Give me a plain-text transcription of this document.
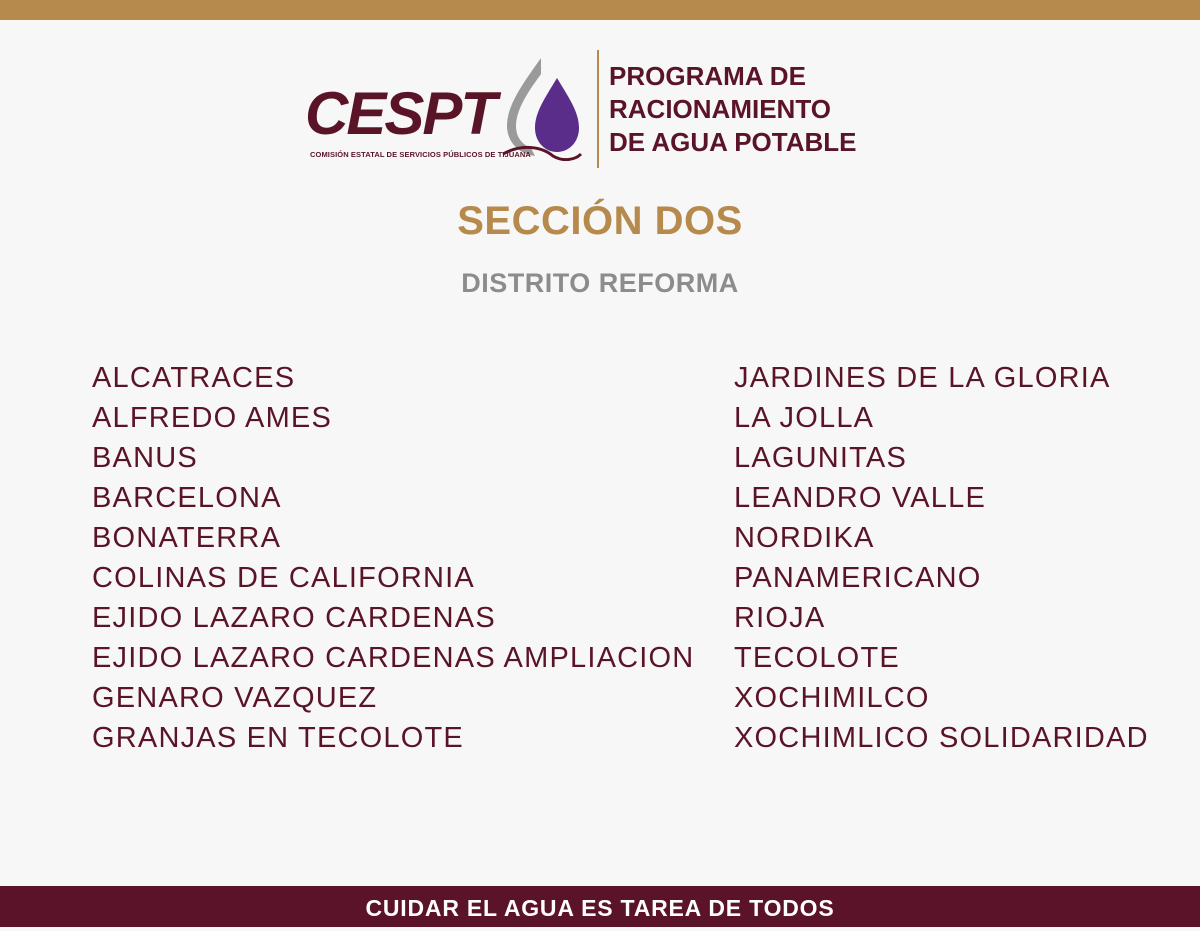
CESPT
COMISIÓN ESTATAL DE SERVICIOS PÚBLICOS DE TIJUANA
PROGRAMA DE
RACIONAMIENTO
DE AGUA POTABLE
SECCIÓN DOS
DISTRITO REFORMA
ALCATRACES
ALFREDO AMES
BANUS
BARCELONA
BONATERRA
COLINAS DE CALIFORNIA
EJIDO LAZARO CARDENAS
EJIDO LAZARO CARDENAS AMPLIACION
GENARO VAZQUEZ
GRANJAS EN TECOLOTE
JARDINES DE LA GLORIA
LA JOLLA
LAGUNITAS
LEANDRO VALLE
NORDIKA
PANAMERICANO
RIOJA
TECOLOTE
XOCHIMILCO
XOCHIMLICO SOLIDARIDAD
CUIDAR EL AGUA ES TAREA DE TODOS
